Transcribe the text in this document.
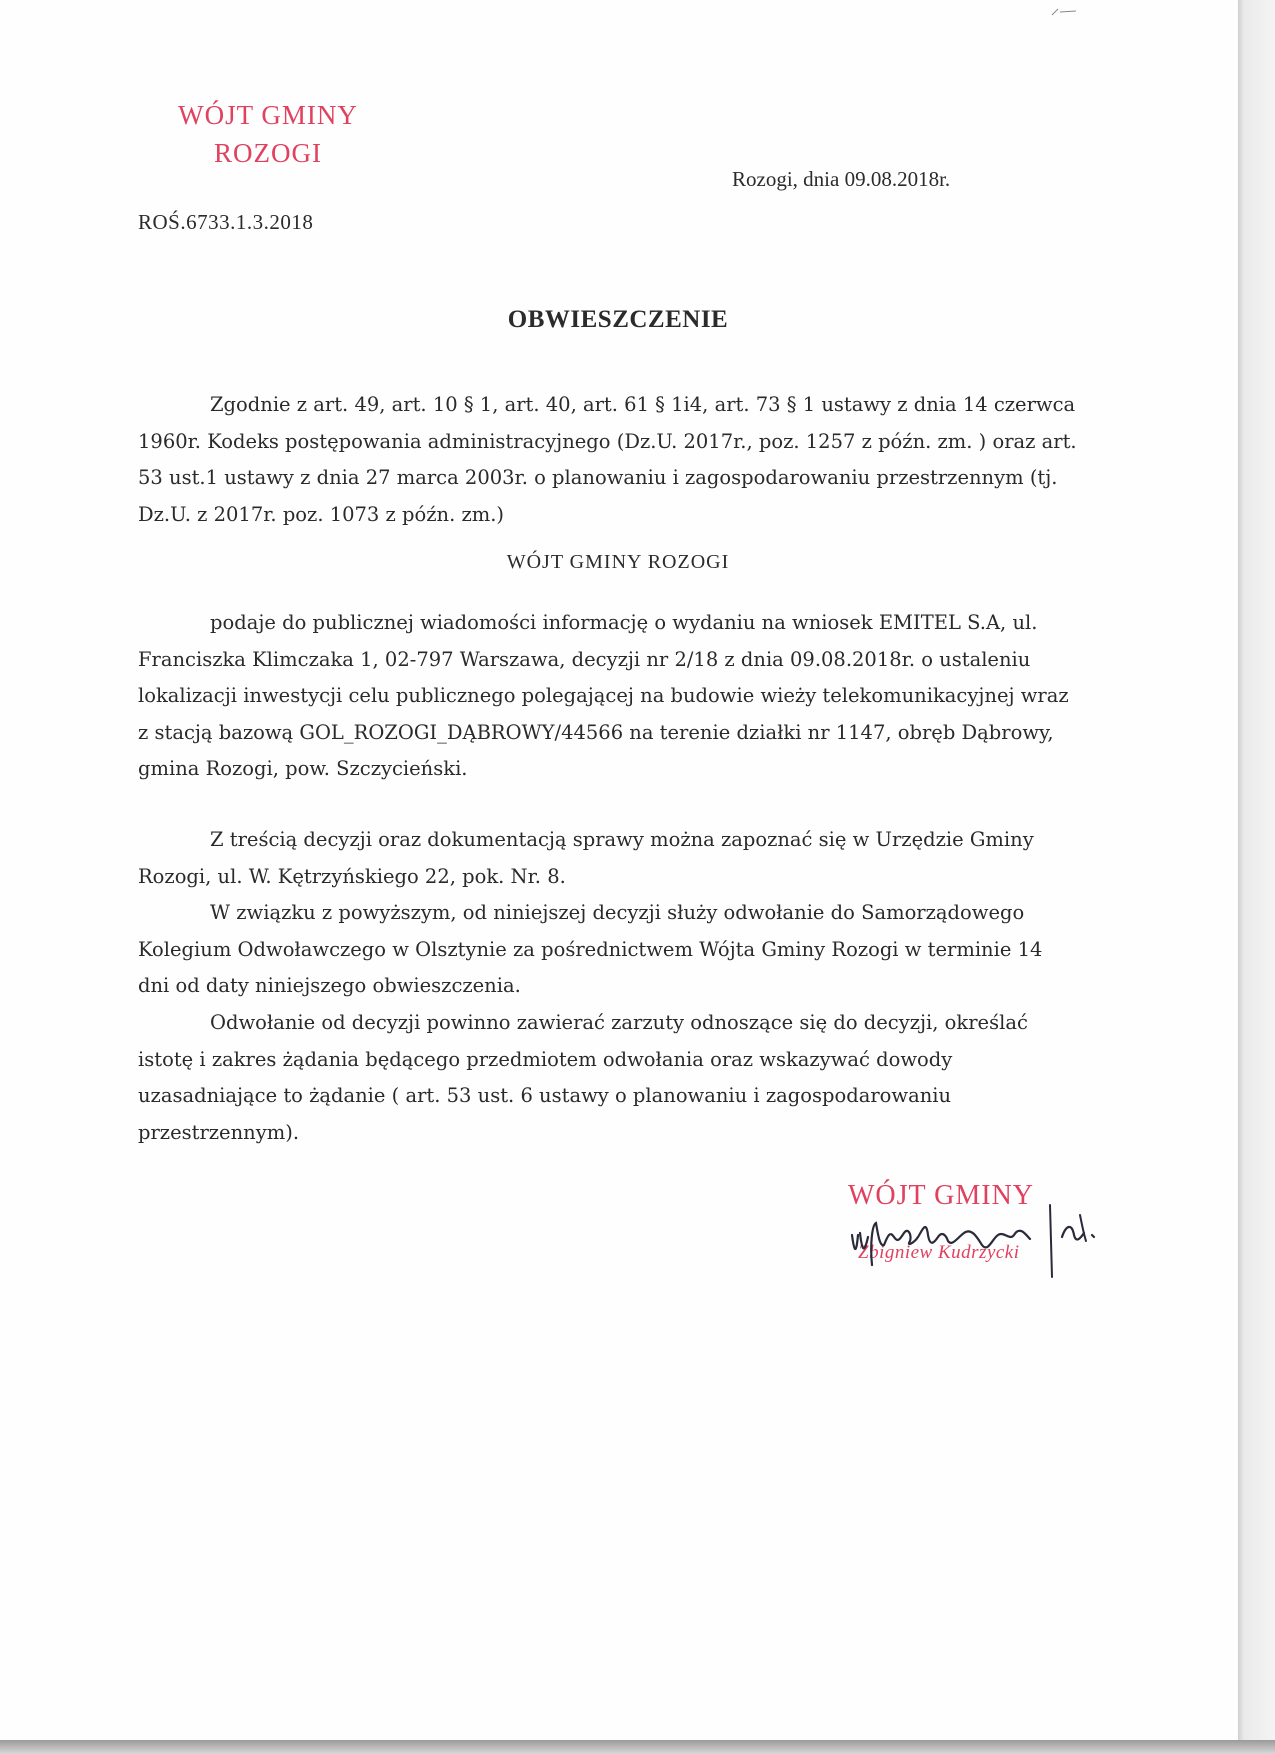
WÓJT GMINY
ROZOGI
Rozogi, dnia 09.08.2018r.
ROŚ.6733.1.3.2018
OBWIESZCZENIE

Zgodnie z art. 49, art. 10 § 1, art. 40, art. 61 § 1i4, art. 73 § 1 ustawy z dnia 14 czerwca 1960r. Kodeks postępowania administracyjnego (Dz.U. 2017r., poz. 1257 z późn. zm. ) oraz art. 53 ust.1 ustawy z dnia 27 marca 2003r. o planowaniu i zagospodarowaniu przestrzennym (tj. Dz.U. z 2017r. poz. 1073 z późn. zm.)

WÓJT GMINY ROZOGI

podaje do publicznej wiadomości informację o wydaniu na wniosek EMITEL S.A, ul. Franciszka Klimczaka 1, 02-797 Warszawa, decyzji nr 2/18 z dnia 09.08.2018r. o ustaleniu lokalizacji inwestycji celu publicznego polegającej na budowie wieży telekomunikacyjnej wraz z stacją bazową GOL_ROZOGI_DĄBROWY/44566 na terenie działki nr 1147, obręb Dąbrowy, gmina Rozogi, pow. Szczycieński.

Z treścią decyzji oraz dokumentacją sprawy można zapoznać się w Urzędzie Gminy Rozogi, ul. W. Kętrzyńskiego 22, pok. Nr. 8.

W związku z powyższym, od niniejszej decyzji służy odwołanie do Samorządowego Kolegium Odwoławczego w Olsztynie za pośrednictwem Wójta Gminy Rozogi w terminie 14 dni od daty niniejszego obwieszczenia.

Odwołanie od decyzji powinno zawierać zarzuty odnoszące się do decyzji, określać istotę i zakres żądania będącego przedmiotem odwołania oraz wskazywać dowody uzasadniające to żądanie ( art. 53 ust. 6 ustawy o planowaniu i zagospodarowaniu przestrzennym).

WÓJT GMINY
Zbigniew Kudrzycki
